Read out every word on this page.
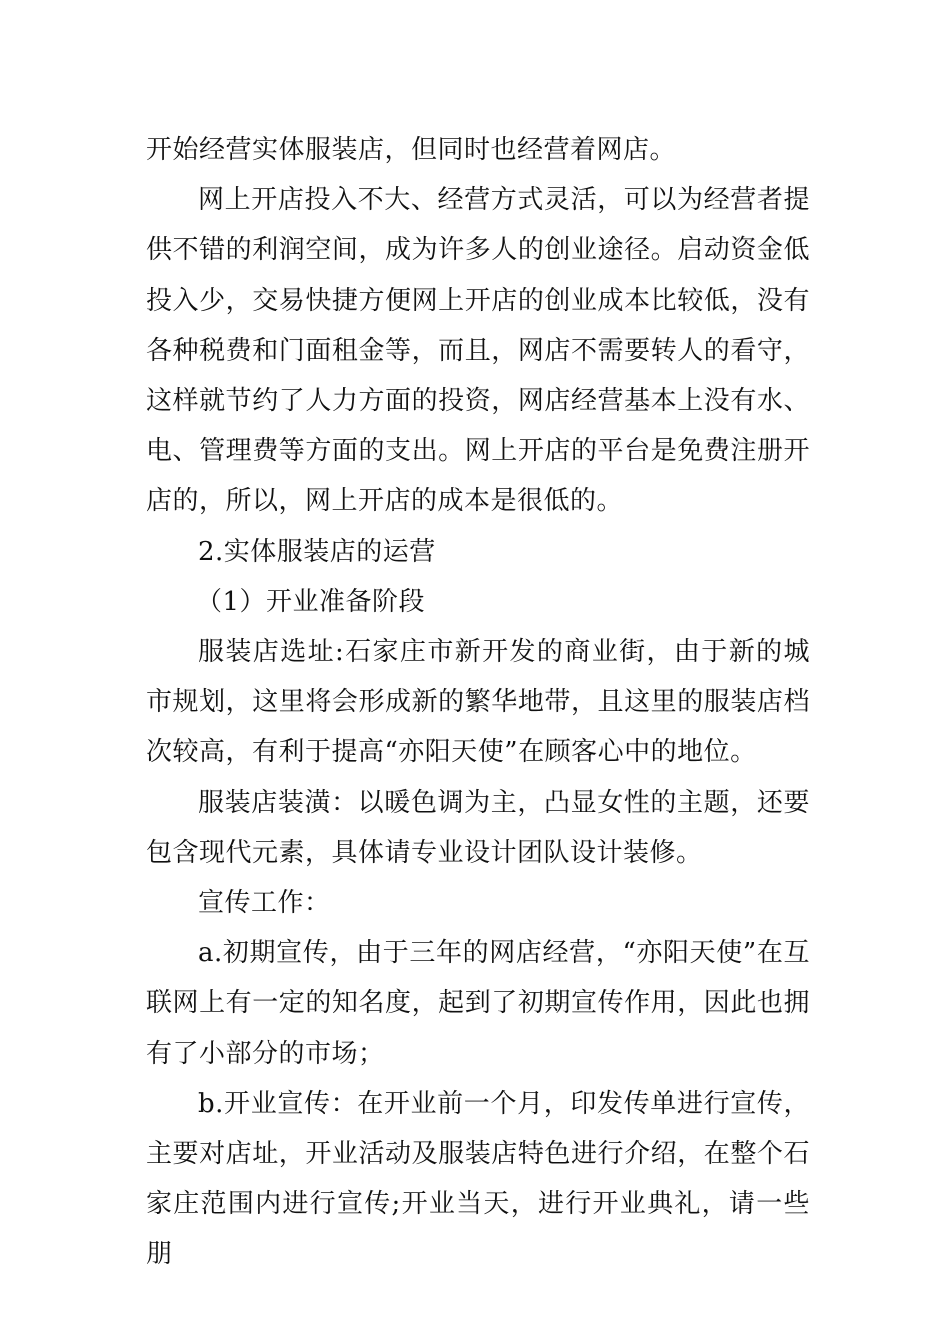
开始经营实体服装店，但同时也经营着网店。

网上开店投入不大、经营方式灵活，可以为经营者提供不错的利润空间，成为许多人的创业途径。启动资金低投入少，交易快捷方便网上开店的创业成本比较低，没有各种税费和门面租金等，而且，网店不需要转人的看守，这样就节约了人力方面的投资，网店经营基本上没有水、电、管理费等方面的支出。网上开店的平台是免费注册开店的，所以，网上开店的成本是很低的。

2.实体服装店的运营

（1）开业准备阶段

服装店选址:石家庄市新开发的商业街，由于新的城市规划，这里将会形成新的繁华地带，且这里的服装店档次较高，有利于提高“亦阳天使”在顾客心中的地位。

服装店装潢：以暖色调为主，凸显女性的主题，还要包含现代元素，具体请专业设计团队设计装修。

宣传工作：

a.初期宣传，由于三年的网店经营，“亦阳天使”在互联网上有一定的知名度，起到了初期宣传作用，因此也拥有了小部分的市场；

b.开业宣传：在开业前一个月，印发传单进行宣传，主要对店址，开业活动及服装店特色进行介绍，在整个石家庄范围内进行宣传;开业当天，进行开业典礼，请一些朋
